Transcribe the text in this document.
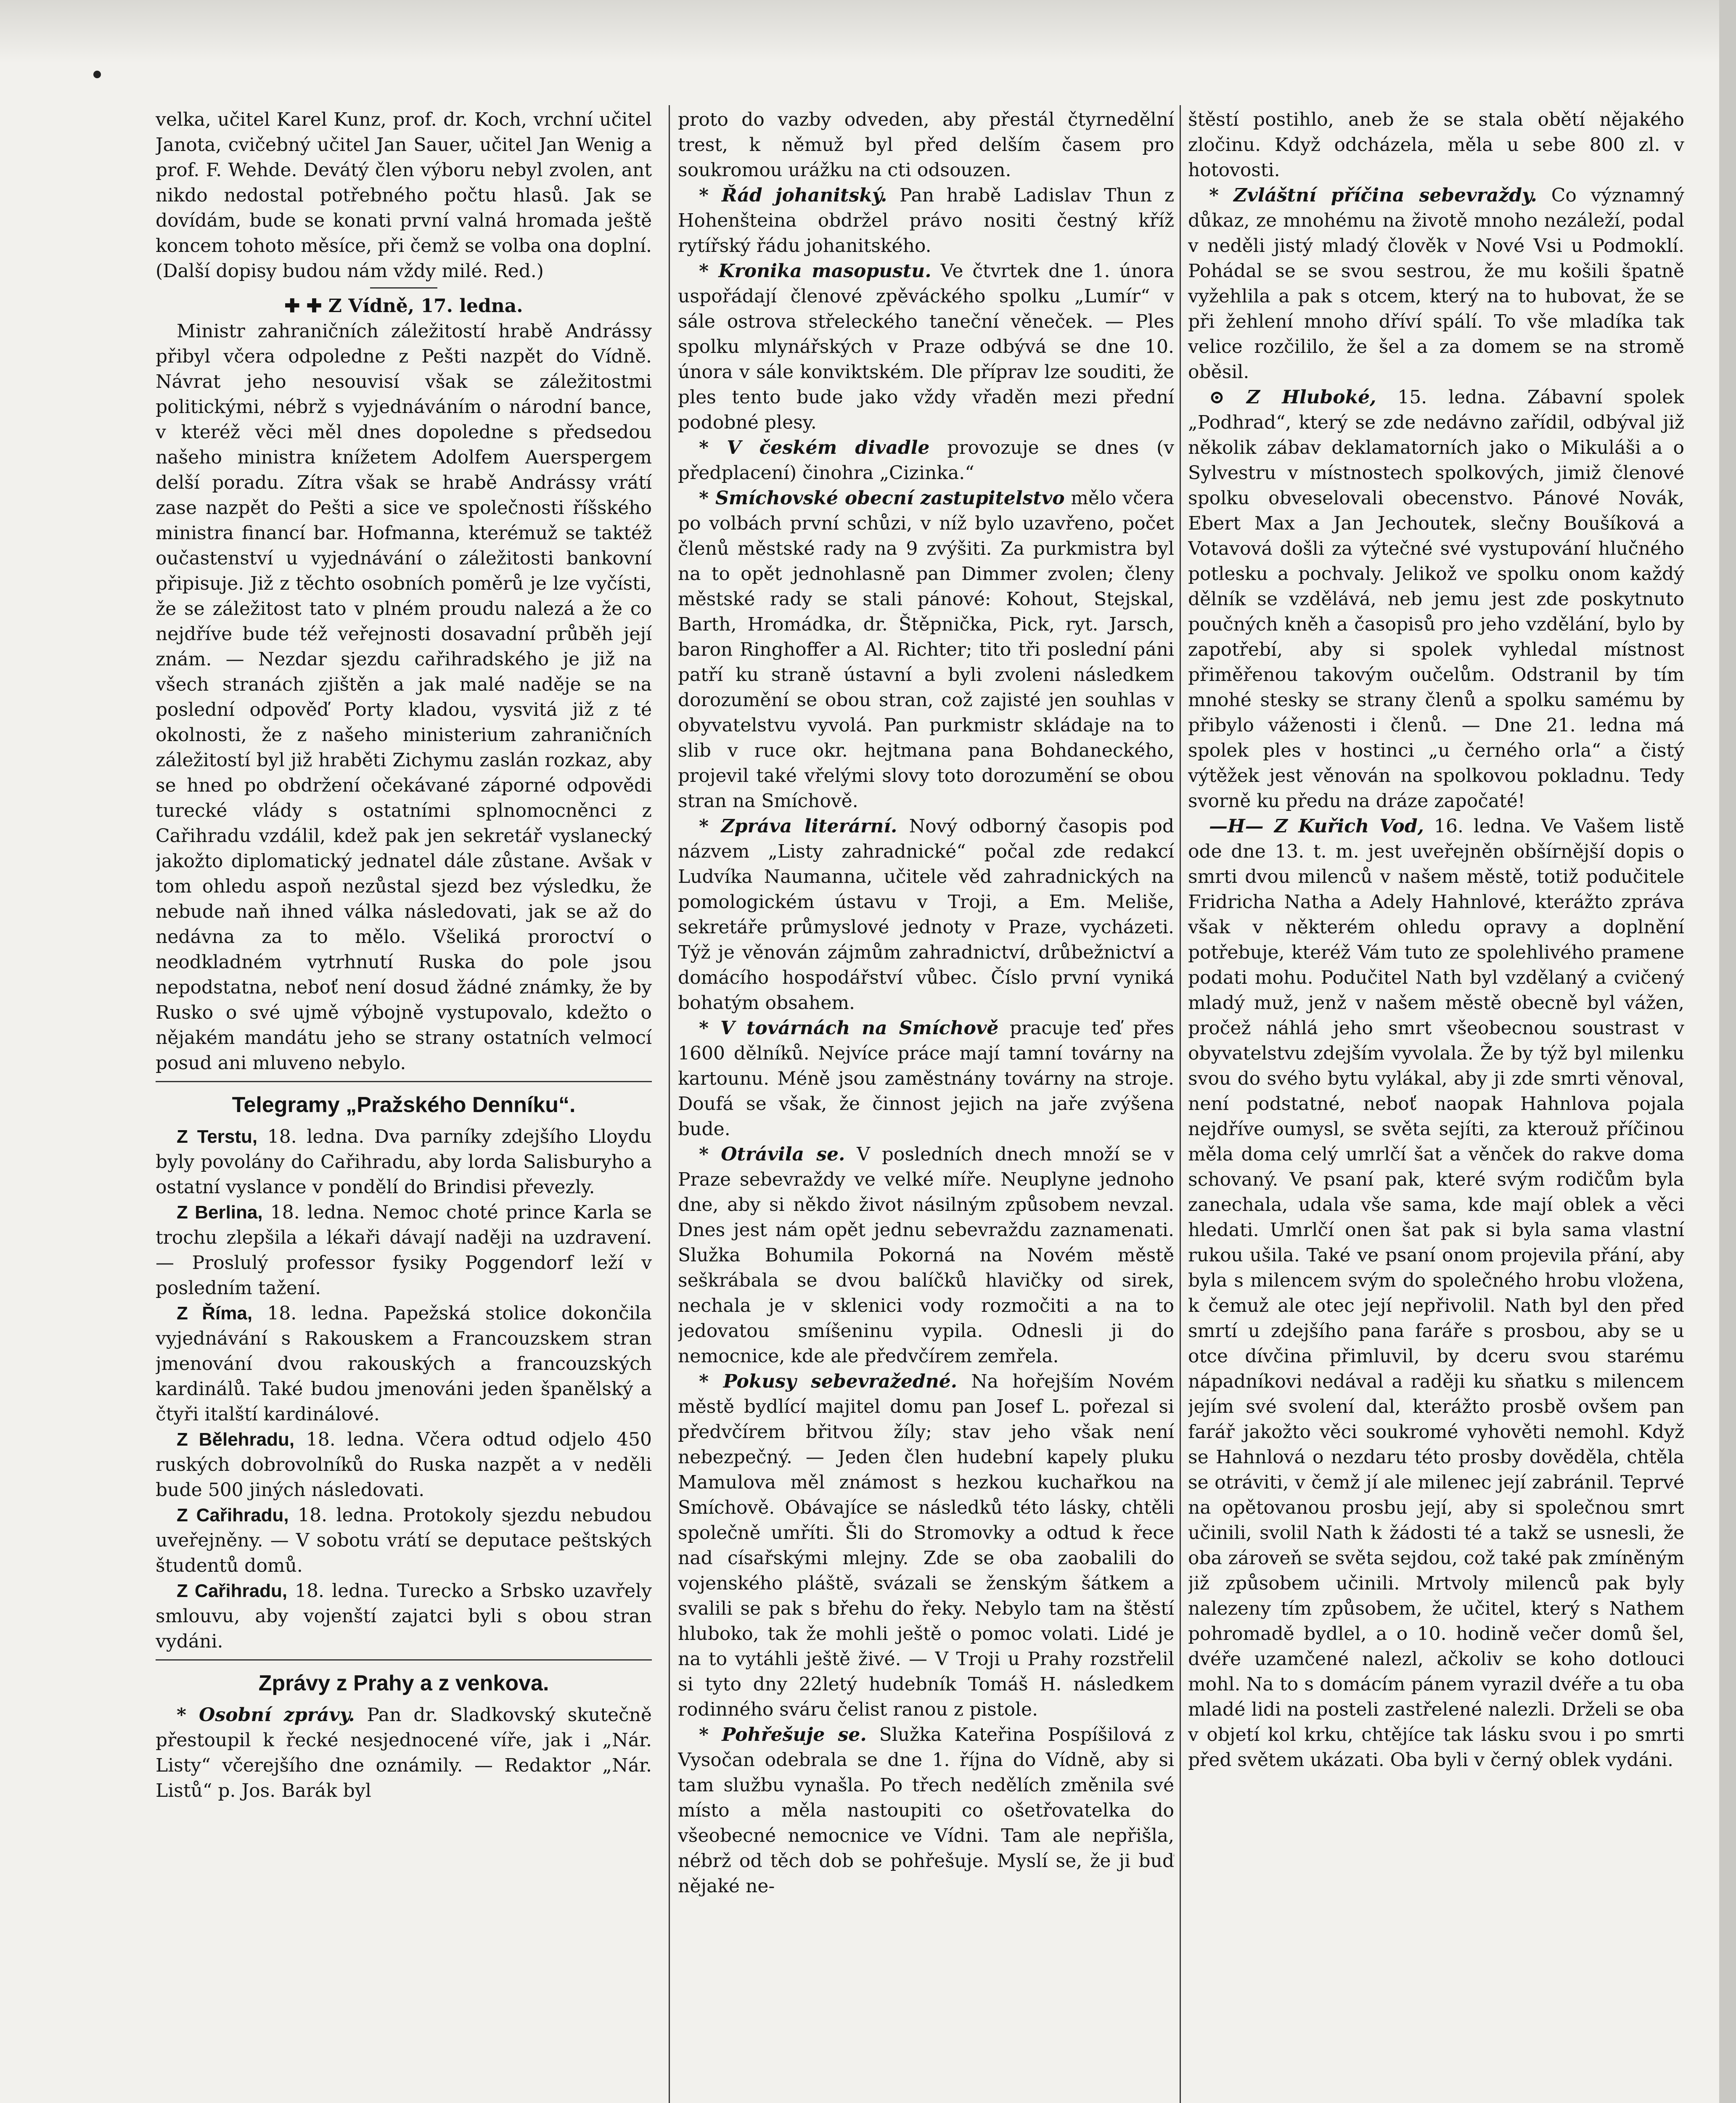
velka, učitel Karel Kunz, prof. dr. Koch, vrchní učitel Janota, cvičebný učitel Jan Sauer, učitel Jan Wenig a prof. F. Wehde. Devátý člen výboru nebyl zvolen, ant nikdo nedostal potřebného počtu hlasů. Jak se dovídám, bude se konati první valná hromada ještě koncem tohoto měsíce, při čemž se volba ona doplní. (Další dopisy budou nám vždy milé. Red.)

✚ ✚ Z Vídně, 17. ledna.

Ministr zahraničních záležitostí hrabě Andrássy přibyl včera odpoledne z Pešti nazpět do Vídně. Návrat jeho nesouvisí však se záležitostmi politickými, nébrž s vyjednáváním o národní bance, v kteréž věci měl dnes dopoledne s předsedou našeho ministra knížetem Adolfem Auerspergem delší poradu. Zítra však se hrabě Andrássy vrátí zase nazpět do Pešti a sice ve společnosti říšského ministra financí bar. Hofmanna, kterémuž se taktéž oučastenství u vyjednávání o záležitosti bankovní připisuje. Již z těchto osobních poměrů je lze vyčísti, že se záležitost tato v plném proudu nalezá a že co nejdříve bude též veřejnosti dosavadní průběh její znám. — Nezdar sjezdu cařihradského je již na všech stranách zjištěn a jak malé naděje se na poslední odpověď Porty kladou, vysvitá již z té okolnosti, že z našeho ministerium zahraničních záležitostí byl již hraběti Zichymu zaslán rozkaz, aby se hned po obdržení očekávané záporné odpovědi turecké vlády s ostatními splnomocněnci z Cařihradu vzdálil, kdež pak jen sekretář vyslanecký jakožto diplomatický jednatel dále zůstane. Avšak v tom ohledu aspoň nezůstal sjezd bez výsledku, že nebude naň ihned válka následovati, jak se až do nedávna za to mělo. Všeliká proroctví o neodkladném vytrhnutí Ruska do pole jsou nepodstatna, neboť není dosud žádné známky, že by Rusko o své ujmě výbojně vystupovalo, kdežto o nějakém mandátu jeho se strany ostatních velmocí posud ani mluveno nebylo.

Telegramy „Pražského Denníku“.

Z Terstu, 18. ledna. Dva parníky zdejšího Lloydu byly povolány do Cařihradu, aby lorda Salisburyho a ostatní vyslance v pondělí do Brindisi převezly.

Z Berlina, 18. ledna. Nemoc choté prince Karla se trochu zlepšila a lékaři dávají naději na uzdravení. — Proslulý professor fysiky Poggendorf leží v posledním tažení.

Z Říma, 18. ledna. Papežská stolice dokončila vyjednávání s Rakouskem a Francouzskem stran jmenování dvou rakouských a francouzských kardinálů. Také budou jmenováni jeden španělský a čtyři italští kardinálové.

Z Bělehradu, 18. ledna. Včera odtud odjelo 450 ruských dobrovolníků do Ruska nazpět a v neděli bude 500 jiných následovati.

Z Cařihradu, 18. ledna. Protokoly sjezdu nebudou uveřejněny. — V sobotu vrátí se deputace peštských študentů domů.

Z Cařihradu, 18. ledna. Turecko a Srbsko uzavřely smlouvu, aby vojenští zajatci byli s obou stran vydáni.

Zprávy z Prahy a z venkova.

* Osobní zprávy. Pan dr. Sladkovský skutečně přestoupil k řecké nesjednocené víře, jak i „Nár. Listy“ včerejšího dne oznámily. — Redaktor „Nár. Listů“ p. Jos. Barák byl

proto do vazby odveden, aby přestál čtyrnedělní trest, k němuž byl před delším časem pro soukromou urážku na cti odsouzen.

* Řád johanitský. Pan hrabě Ladislav Thun z Hohenšteina obdržel právo nositi čestný kříž rytířský řádu johanitského.

* Kronika masopustu. Ve čtvrtek dne 1. února uspořádají členové zpěváckého spolku „Lumír“ v sále ostrova střeleckého taneční věneček. — Ples spolku mlynářských v Praze odbývá se dne 10. února v sále konviktském. Dle příprav lze souditi, že ples tento bude jako vždy vřaděn mezi přední podobné plesy.

* V českém divadle provozuje se dnes (v předplacení) činohra „Cizinka.“

* Smíchovské obecní zastupitelstvo mělo včera po volbách první schůzi, v níž bylo uzavřeno, počet členů městské rady na 9 zvýšiti. Za purkmistra byl na to opět jednohlasně pan Dimmer zvolen; členy městské rady se stali pánové: Kohout, Stejskal, Barth, Hromádka, dr. Štěpnička, Pick, ryt. Jarsch, baron Ringhoffer a Al. Richter; tito tři poslední páni patří ku straně ústavní a byli zvoleni následkem dorozumění se obou stran, což zajisté jen souhlas v obyvatelstvu vyvolá. Pan purkmistr skládaje na to slib v ruce okr. hejtmana pana Bohdaneckého, projevil také vřelými slovy toto dorozumění se obou stran na Smíchově.

* Zpráva literární. Nový odborný časopis pod názvem „Listy zahradnické“ počal zde redakcí Ludvíka Naumanna, učitele věd zahradnických na pomologickém ústavu v Troji, a Em. Meliše, sekretáře průmyslové jednoty v Praze, vycházeti. Týž je věnován zájmům zahradnictví, drůbežnictví a domácího hospodářství vůbec. Číslo první vyniká bohatým obsahem.

* V továrnách na Smíchově pracuje teď přes 1600 dělníků. Nejvíce práce mají tamní továrny na kartounu. Méně jsou zaměstnány továrny na stroje. Doufá se však, že činnost jejich na jaře zvýšena bude.

* Otrávila se. V posledních dnech množí se v Praze sebevraždy ve velké míře. Neuplyne jednoho dne, aby si někdo život násilným způsobem nevzal. Dnes jest nám opět jednu sebevraždu zaznamenati. Služka Bohumila Pokorná na Novém městě seškrábala se dvou balíčků hlavičky od sirek, nechala je v sklenici vody rozmočiti a na to jedovatou smíšeninu vypila. Odnesli ji do nemocnice, kde ale předvčírem zemřela.

* Pokusy sebevražedné. Na hořejším Novém městě bydlící majitel domu pan Josef L. pořezal si předvčírem břitvou žíly; stav jeho však není nebezpečný. — Jeden člen hudební kapely pluku Mamulova měl známost s hezkou kuchařkou na Smíchově. Obávajíce se následků této lásky, chtěli společně umříti. Šli do Stromovky a odtud k řece nad císařskými mlejny. Zde se oba zaobalili do vojenského pláště, svázali se ženským šátkem a svalili se pak s břehu do řeky. Nebylo tam na štěstí hluboko, tak že mohli ještě o pomoc volati. Lidé je na to vytáhli ještě živé. — V Troji u Prahy rozstřelil si tyto dny 22letý hudebník Tomáš H. následkem rodinného sváru čelist ranou z pistole.

* Pohřešuje se. Služka Kateřina Pospíšilová z Vysočan odebrala se dne 1. října do Vídně, aby si tam službu vynašla. Po třech nedělích změnila své místo a měla nastoupiti co ošetřovatelka do všeobecné nemocnice ve Vídni. Tam ale nepřišla, nébrž od těch dob se pohřešuje. Myslí se, že ji buď nějaké ne-

štěstí postihlo, aneb že se stala obětí nějakého zločinu. Když odcházela, měla u sebe 800 zl. v hotovosti.

* Zvláštní příčina sebevraždy. Co významný důkaz, ze mnohému na životě mnoho nezáleží, podal v neděli jistý mladý člověk v Nové Vsi u Podmoklí. Pohádal se se svou sestrou, že mu košili špatně vyžehlila a pak s otcem, který na to hubovat, že se při žehlení mnoho dříví spálí. To vše mladíka tak velice rozčililo, že šel a za domem se na stromě oběsil.

⊙ Z Hluboké, 15. ledna. Zábavní spolek „Podhrad“, který se zde nedávno zařídil, odbýval již několik zábav deklamatorních jako o Mikuláši a o Sylvestru v místnostech spolkových, jimiž členové spolku obveselovali obecenstvo. Pánové Novák, Ebert Max a Jan Jechoutek, slečny Boušíková a Votavová došli za výtečné své vystupování hlučného potlesku a pochvaly. Jelikož ve spolku onom každý dělník se vzdělává, neb jemu jest zde poskytnuto poučných kněh a časopisů pro jeho vzdělání, bylo by zapotřebí, aby si spolek vyhledal místnost přiměřenou takovým oučelům. Odstranil by tím mnohé stesky se strany členů a spolku samému by přibylo váženosti i členů. — Dne 21. ledna má spolek ples v hostinci „u černého orla“ a čistý výtěžek jest věnován na spolkovou pokladnu. Tedy svorně ku předu na dráze započaté!

—H— Z Kuřich Vod, 16. ledna. Ve Vašem listě ode dne 13. t. m. jest uveřejněn obšírnější dopis o smrti dvou milenců v našem městě, totiž podučitele Fridricha Natha a Adely Hahnlové, kterážto zpráva však v některém ohledu opravy a doplnění potřebuje, kteréž Vám tuto ze spolehlivého pramene podati mohu. Podučitel Nath byl vzdělaný a cvičený mladý muž, jenž v našem městě obecně byl vážen, pročež náhlá jeho smrt všeobecnou soustrast v obyvatelstvu zdejším vyvolala. Že by týž byl milenku svou do svého bytu vylákal, aby ji zde smrti věnoval, není podstatné, neboť naopak Hahnlova pojala nejdříve oumysl, se světa sejíti, za kterouž příčinou měla doma celý umrlčí šat a věnček do rakve doma schovaný. Ve psaní pak, které svým rodičům byla zanechala, udala vše sama, kde mají oblek a věci hledati. Umrlčí onen šat pak si byla sama vlastní rukou ušila. Také ve psaní onom projevila přání, aby byla s milencem svým do společného hrobu vložena, k čemuž ale otec její nepřivolil. Nath byl den před smrtí u zdejšího pana faráře s prosbou, aby se u otce dívčina přimluvil, by dceru svou starému nápadníkovi nedával a raději ku sňatku s milencem jejím své svolení dal, kterážto prosbě ovšem pan farář jakožto věci soukromé vyhověti nemohl. Když se Hahnlová o nezdaru této prosby dověděla, chtěla se otráviti, v čemž jí ale milenec její zabránil. Teprvé na opětovanou prosbu její, aby si společnou smrt učinili, svolil Nath k žádosti té a takž se usnesli, že oba zároveň se světa sejdou, což také pak zmíněným již způsobem učinili. Mrtvoly milenců pak byly nalezeny tím způsobem, že učitel, který s Nathem pohromadě bydlel, a o 10. hodině večer domů šel, dvéře uzamčené nalezl, ačkoliv se koho dotlouci mohl. Na to s domácím pánem vyrazil dvéře a tu oba mladé lidi na posteli zastřelené nalezli. Drželi se oba v objetí kol krku, chtějíce tak lásku svou i po smrti před světem ukázati. Oba byli v černý oblek vydáni.
